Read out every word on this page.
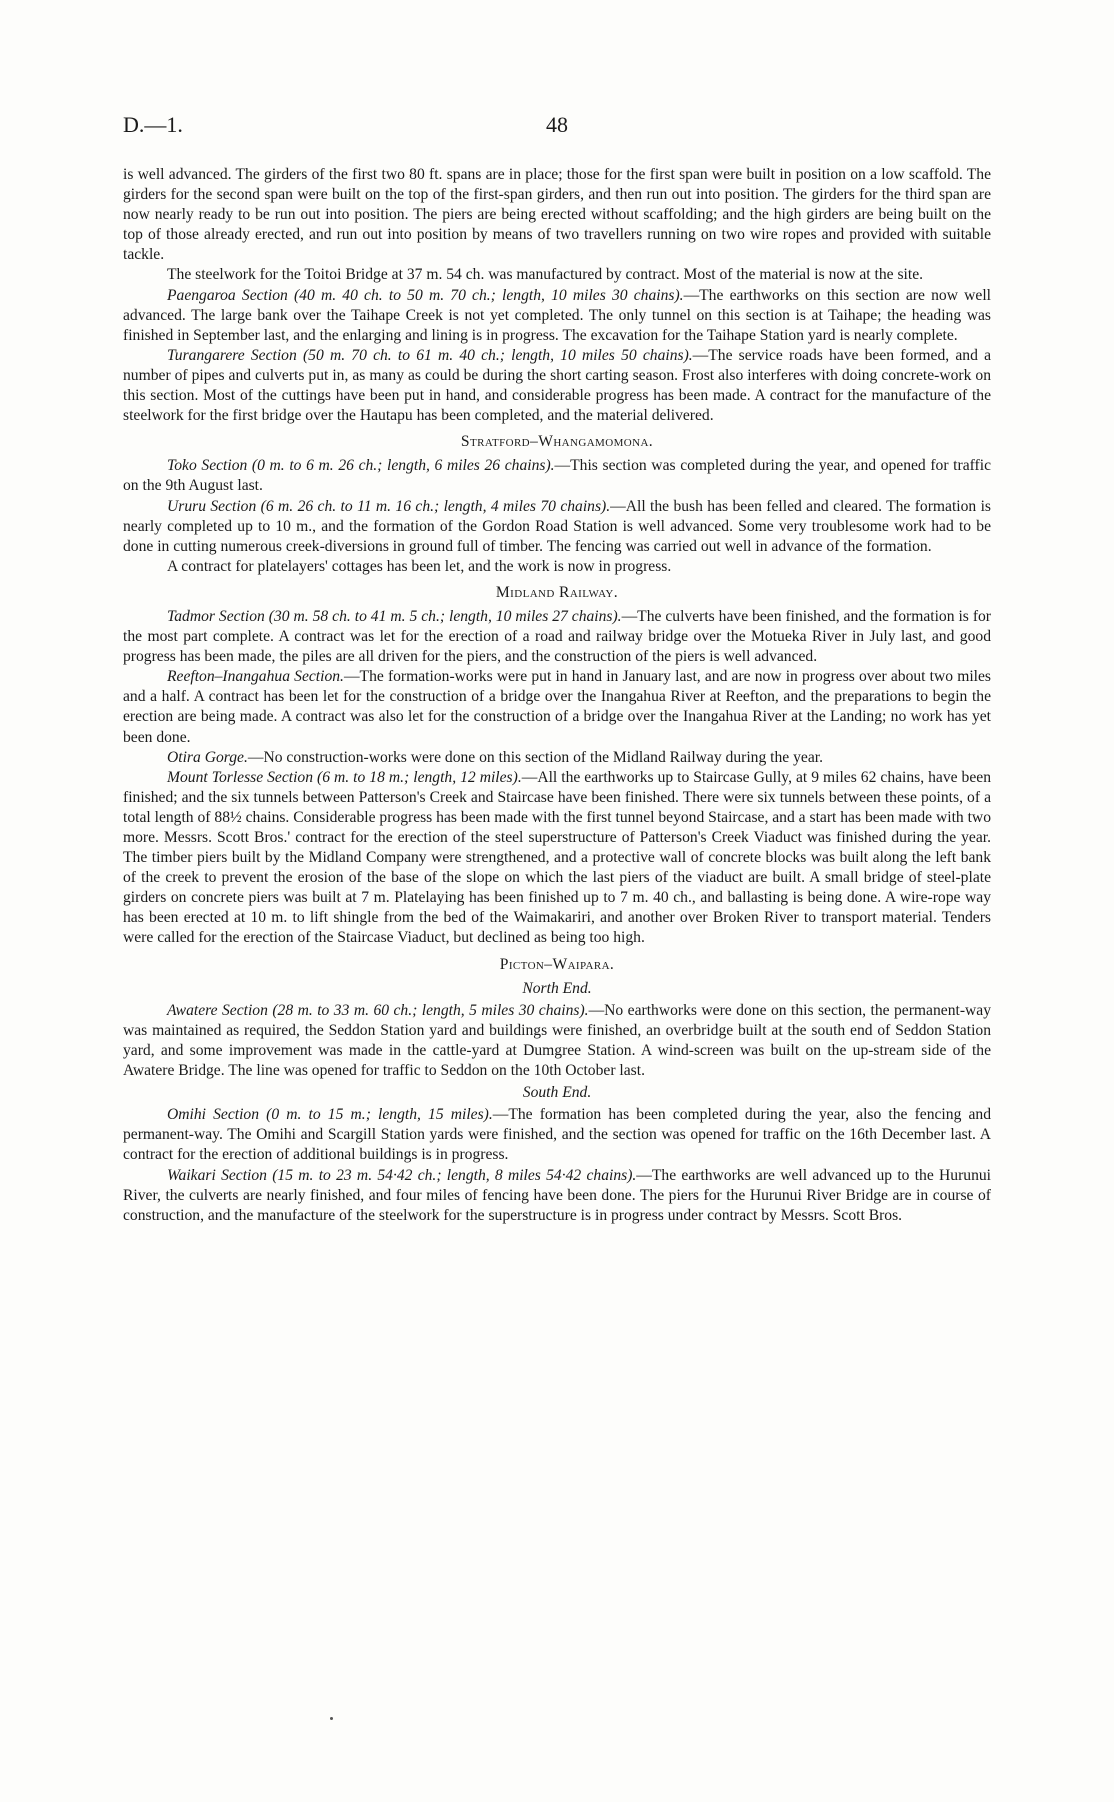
D.—1.	48

is well advanced. The girders of the first two 80 ft. spans are in place; those for the first span were built in position on a low scaffold. The girders for the second span were built on the top of the first-span girders, and then run out into position. The girders for the third span are now nearly ready to be run out into position. The piers are being erected without scaffolding; and the high girders are being built on the top of those already erected, and run out into position by means of two travellers running on two wire ropes and provided with suitable tackle.

The steelwork for the Toitoi Bridge at 37 m. 54 ch. was manufactured by contract. Most of the material is now at the site.

Paengaroa Section (40 m. 40 ch. to 50 m. 70 ch.; length, 10 miles 30 chains).—The earthworks on this section are now well advanced. The large bank over the Taihape Creek is not yet completed. The only tunnel on this section is at Taihape; the heading was finished in September last, and the enlarging and lining is in progress. The excavation for the Taihape Station yard is nearly complete.

Turangarere Section (50 m. 70 ch. to 61 m. 40 ch.; length, 10 miles 50 chains).—The service roads have been formed, and a number of pipes and culverts put in, as many as could be during the short carting season. Frost also interferes with doing concrete-work on this section. Most of the cuttings have been put in hand, and considerable progress has been made. A contract for the manufacture of the steelwork for the first bridge over the Hautapu has been completed, and the material delivered.

Stratford–Whangamomona.

Toko Section (0 m. to 6 m. 26 ch.; length, 6 miles 26 chains).—This section was completed during the year, and opened for traffic on the 9th August last.

Ururu Section (6 m. 26 ch. to 11 m. 16 ch.; length, 4 miles 70 chains).—All the bush has been felled and cleared. The formation is nearly completed up to 10 m., and the formation of the Gordon Road Station is well advanced. Some very troublesome work had to be done in cutting numerous creek-diversions in ground full of timber. The fencing was carried out well in advance of the formation.

A contract for platelayers' cottages has been let, and the work is now in progress.

Midland Railway.

Tadmor Section (30 m. 58 ch. to 41 m. 5 ch.; length, 10 miles 27 chains).—The culverts have been finished, and the formation is for the most part complete. A contract was let for the erection of a road and railway bridge over the Motueka River in July last, and good progress has been made, the piles are all driven for the piers, and the construction of the piers is well advanced.

Reefton–Inangahua Section.—The formation-works were put in hand in January last, and are now in progress over about two miles and a half. A contract has been let for the construction of a bridge over the Inangahua River at Reefton, and the preparations to begin the erection are being made. A contract was also let for the construction of a bridge over the Inangahua River at the Landing; no work has yet been done.

Otira Gorge.—No construction-works were done on this section of the Midland Railway during the year.

Mount Torlesse Section (6 m. to 18 m.; length, 12 miles).—All the earthworks up to Staircase Gully, at 9 miles 62 chains, have been finished; and the six tunnels between Patterson's Creek and Staircase have been finished. There were six tunnels between these points, of a total length of 88½ chains. Considerable progress has been made with the first tunnel beyond Staircase, and a start has been made with two more. Messrs. Scott Bros.' contract for the erection of the steel superstructure of Patterson's Creek Viaduct was finished during the year. The timber piers built by the Midland Company were strengthened, and a protective wall of concrete blocks was built along the left bank of the creek to prevent the erosion of the base of the slope on which the last piers of the viaduct are built. A small bridge of steel-plate girders on concrete piers was built at 7 m. Platelaying has been finished up to 7 m. 40 ch., and ballasting is being done. A wire-rope way has been erected at 10 m. to lift shingle from the bed of the Waimakariri, and another over Broken River to transport material. Tenders were called for the erection of the Staircase Viaduct, but declined as being too high.

Picton–Waipara.
North End.

Awatere Section (28 m. to 33 m. 60 ch.; length, 5 miles 30 chains).—No earthworks were done on this section, the permanent-way was maintained as required, the Seddon Station yard and buildings were finished, an overbridge built at the south end of Seddon Station yard, and some improvement was made in the cattle-yard at Dumgree Station. A wind-screen was built on the up-stream side of the Awatere Bridge. The line was opened for traffic to Seddon on the 10th October last.

South End.

Omihi Section (0 m. to 15 m.; length, 15 miles).—The formation has been completed during the year, also the fencing and permanent-way. The Omihi and Scargill Station yards were finished, and the section was opened for traffic on the 16th December last. A contract for the erection of additional buildings is in progress.

Waikari Section (15 m. to 23 m. 54·42 ch.; length, 8 miles 54·42 chains).—The earthworks are well advanced up to the Hurunui River, the culverts are nearly finished, and four miles of fencing have been done. The piers for the Hurunui River Bridge are in course of construction, and the manufacture of the steelwork for the superstructure is in progress under contract by Messrs. Scott Bros.
